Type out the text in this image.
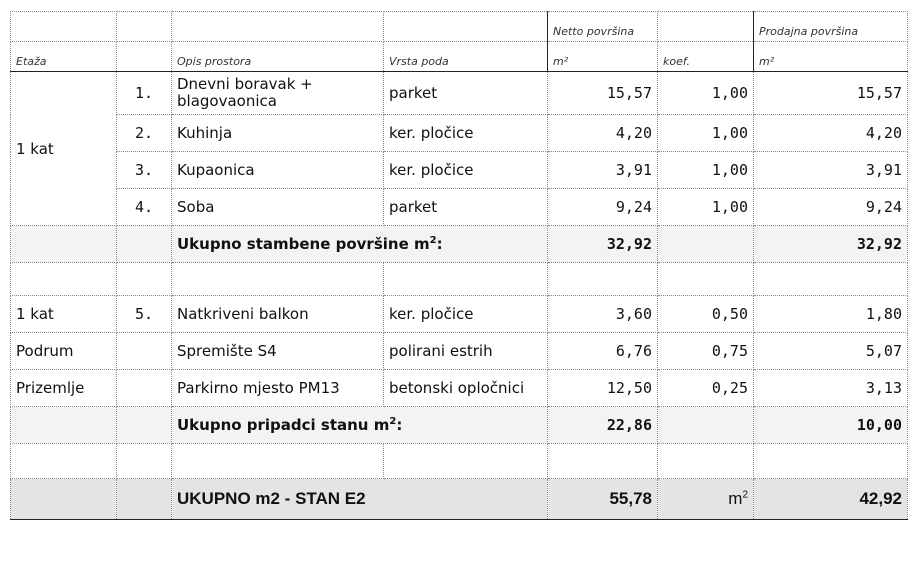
				Netto površina		Prodajna površina
Etaža		Opis prostora	Vrsta poda	m²	koef.	m²
1 kat	1.	Dnevni boravak + blagovaonica	parket	15,57	1,00	15,57
	2.	Kuhinja	ker. pločice	4,20	1,00	4,20
	3.	Kupaonica	ker. pločice	3,91	1,00	3,91
	4.	Soba	parket	9,24	1,00	9,24
		Ukupno stambene površine $m^2$:		32,92		32,92

1 kat	5.	Natkriveni balkon	ker. pločice	3,60	0,50	1,80
Podrum		Spremište S4	polirani estrih	6,76	0,75	5,07
Prizemlje		Parkirno mjesto PM13	betonski opločnici	12,50	0,25	3,13
		Ukupno pripadci stanu $m^2$:		22,86		10,00

		UKUPNO m2 - STAN E2		55,78	$m^2$	42,92
